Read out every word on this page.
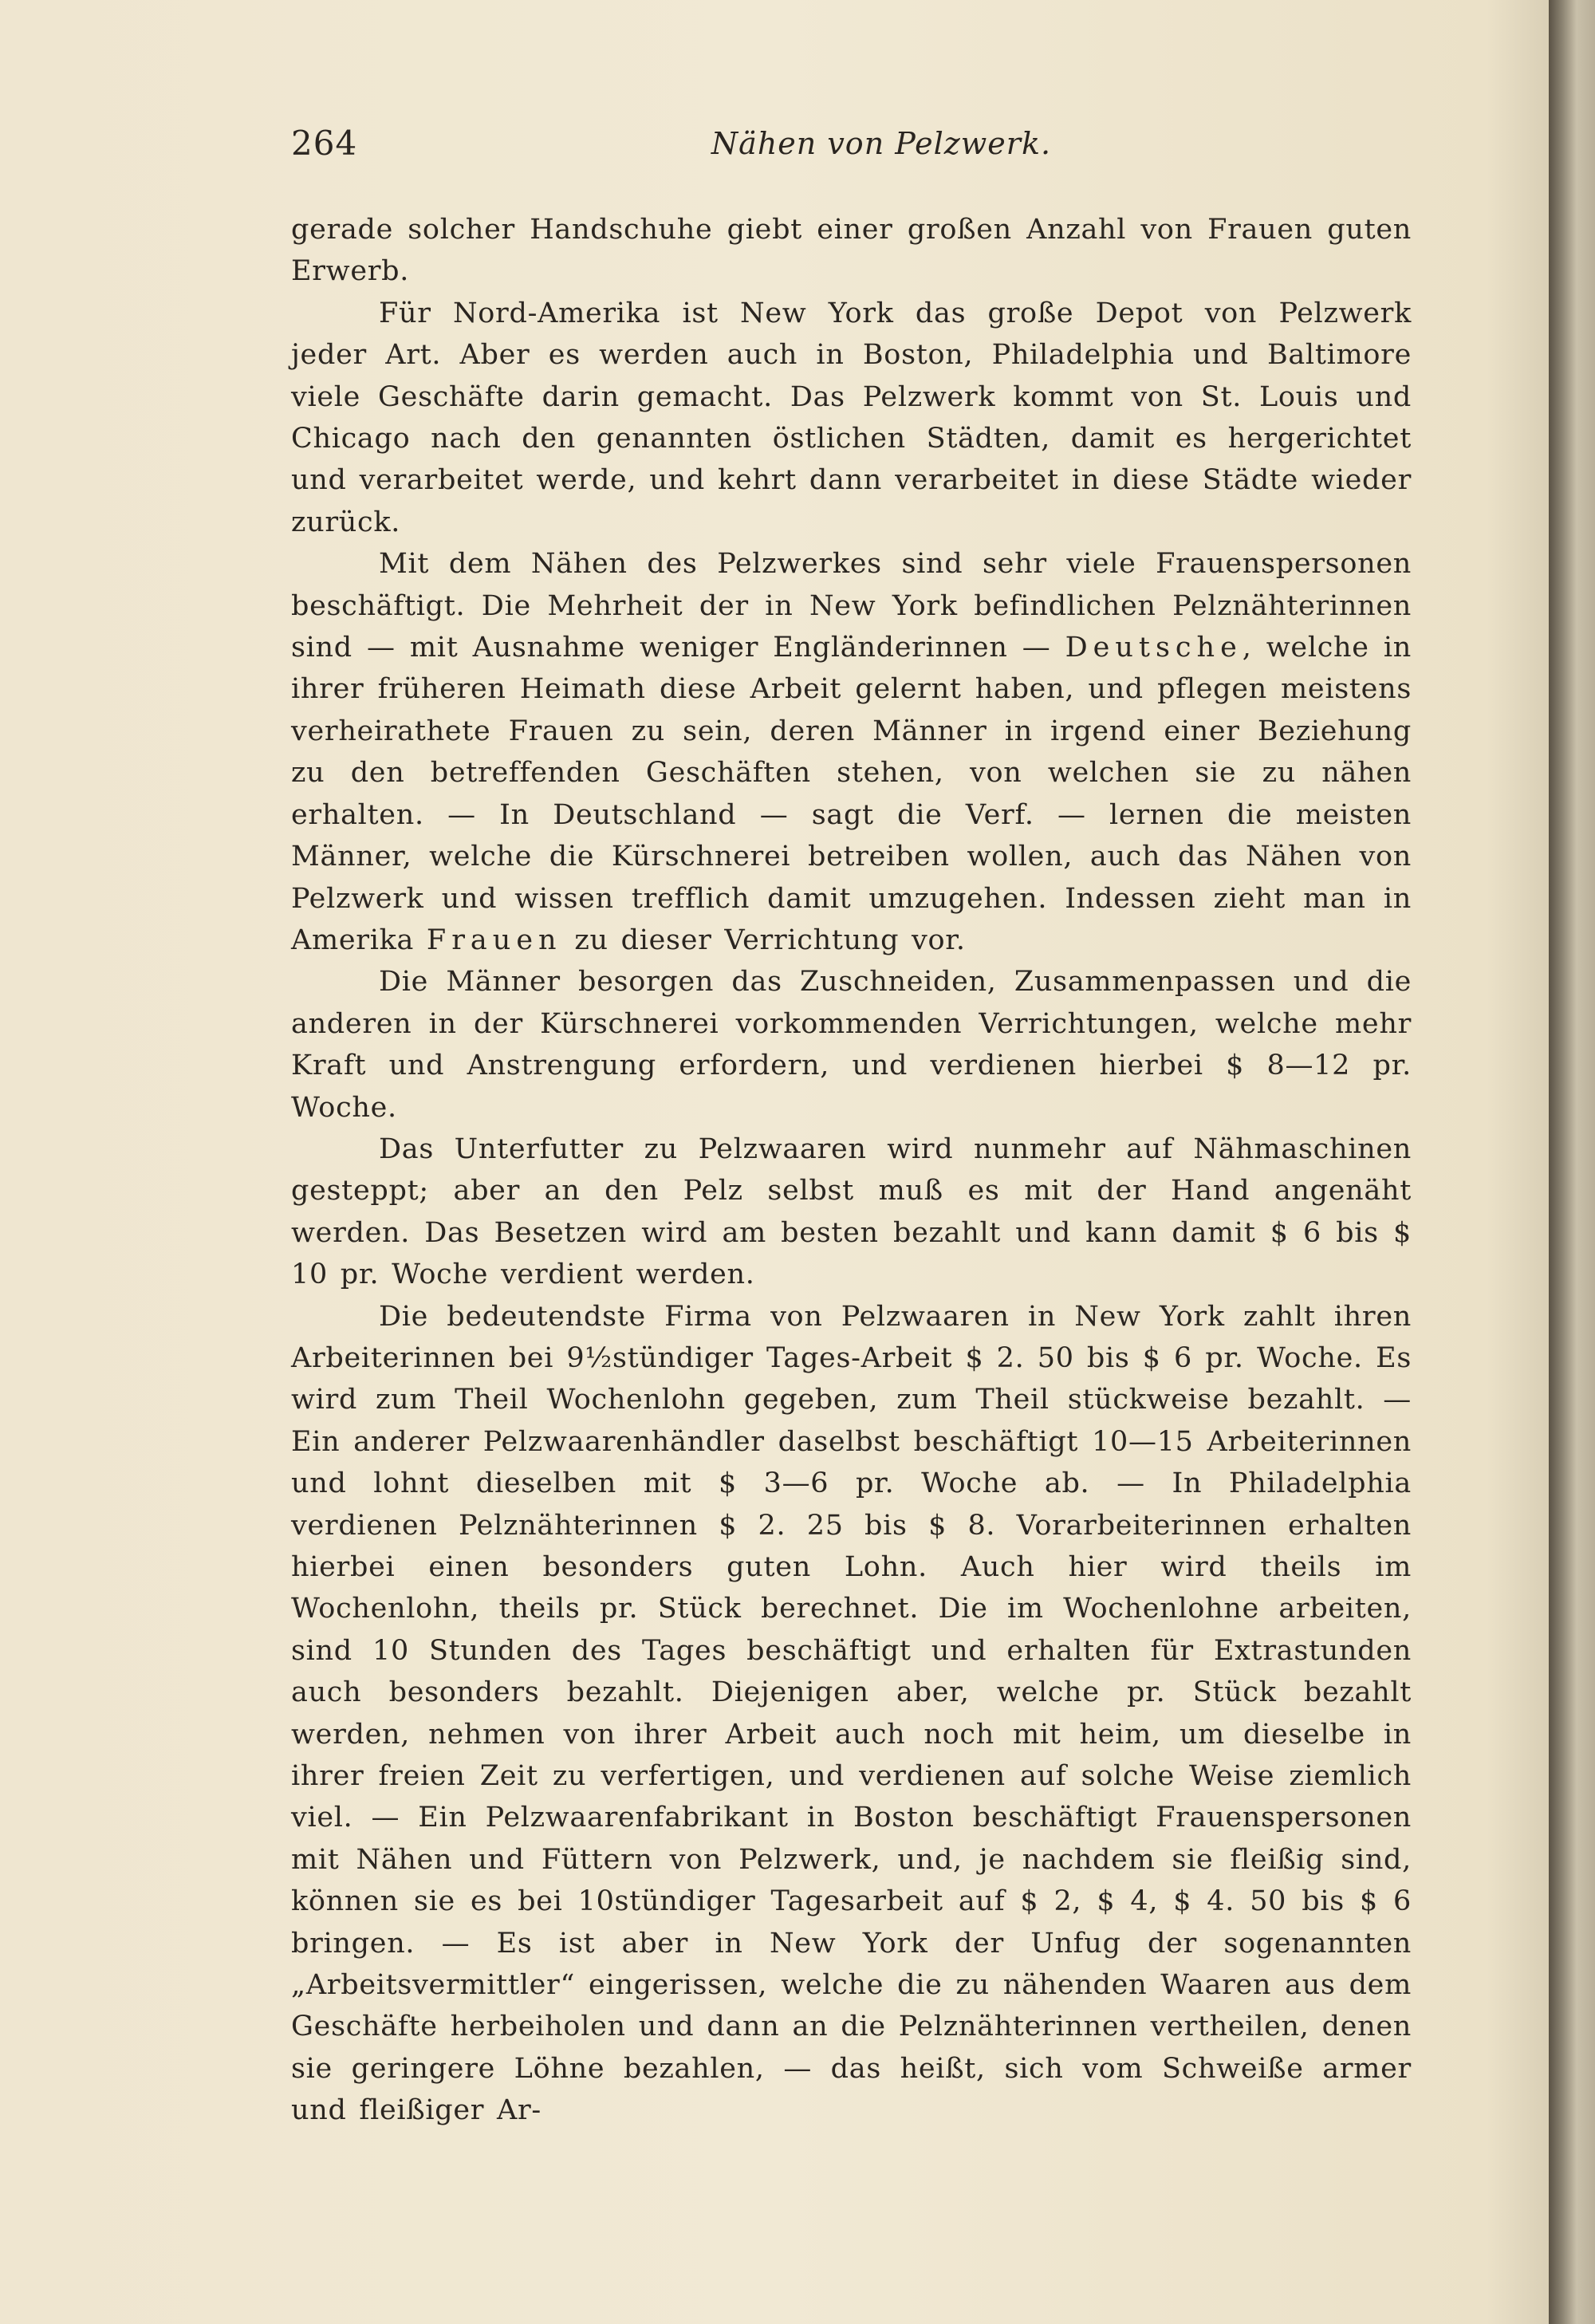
264	Nähen von Pelzwerk.

gerade solcher Handschuhe giebt einer großen Anzahl von Frauen guten Erwerb.

Für Nord-Amerika ist New York das große Depot von Pelzwerk jeder Art. Aber es werden auch in Boston, Philadelphia und Baltimore viele Geschäfte darin gemacht. Das Pelzwerk kommt von St. Louis und Chicago nach den genannten östlichen Städten, damit es hergerichtet und verarbeitet werde, und kehrt dann verarbeitet in diese Städte wieder zurück.

Mit dem Nähen des Pelzwerkes sind sehr viele Frauenspersonen beschäftigt. Die Mehrheit der in New York befindlichen Pelznähterinnen sind — mit Ausnahme weniger Engländerinnen — Deutsche, welche in ihrer früheren Heimath diese Arbeit gelernt haben, und pflegen meistens verheirathete Frauen zu sein, deren Männer in irgend einer Beziehung zu den betreffenden Geschäften stehen, von welchen sie zu nähen erhalten. — In Deutschland — sagt die Verf. — lernen die meisten Männer, welche die Kürschnerei betreiben wollen, auch das Nähen von Pelzwerk und wissen trefflich damit umzugehen. Indessen zieht man in Amerika Frauen zu dieser Verrichtung vor.

Die Männer besorgen das Zuschneiden, Zusammenpassen und die anderen in der Kürschnerei vorkommenden Verrichtungen, welche mehr Kraft und Anstrengung erfordern, und verdienen hierbei $ 8—12 pr. Woche.

Das Unterfutter zu Pelzwaaren wird nunmehr auf Nähmaschinen gesteppt; aber an den Pelz selbst muß es mit der Hand angenäht werden. Das Besetzen wird am besten bezahlt und kann damit $ 6 bis $ 10 pr. Woche verdient werden.

Die bedeutendste Firma von Pelzwaaren in New York zahlt ihren Arbeiterinnen bei 9½stündiger Tages-Arbeit $ 2. 50 bis $ 6 pr. Woche. Es wird zum Theil Wochenlohn gegeben, zum Theil stückweise bezahlt. — Ein anderer Pelzwaarenhändler daselbst beschäftigt 10—15 Arbeiterinnen und lohnt dieselben mit $ 3—6 pr. Woche ab. — In Philadelphia verdienen Pelznähterinnen $ 2. 25 bis $ 8. Vorarbeiterinnen erhalten hierbei einen besonders guten Lohn. Auch hier wird theils im Wochenlohn, theils pr. Stück berechnet. Die im Wochenlohne arbeiten, sind 10 Stunden des Tages beschäftigt und erhalten für Extrastunden auch besonders bezahlt. Diejenigen aber, welche pr. Stück bezahlt werden, nehmen von ihrer Arbeit auch noch mit heim, um dieselbe in ihrer freien Zeit zu verfertigen, und verdienen auf solche Weise ziemlich viel. — Ein Pelzwaarenfabrikant in Boston beschäftigt Frauenspersonen mit Nähen und Füttern von Pelzwerk, und, je nachdem sie fleißig sind, können sie es bei 10stündiger Tagesarbeit auf $ 2, $ 4, $ 4. 50 bis $ 6 bringen. — Es ist aber in New York der Unfug der sogenannten „Arbeitsvermittler“ eingerissen, welche die zu nähenden Waaren aus dem Geschäfte herbeiholen und dann an die Pelznähterinnen vertheilen, denen sie geringere Löhne bezahlen, — das heißt, sich vom Schweiße armer und fleißiger Ar-
